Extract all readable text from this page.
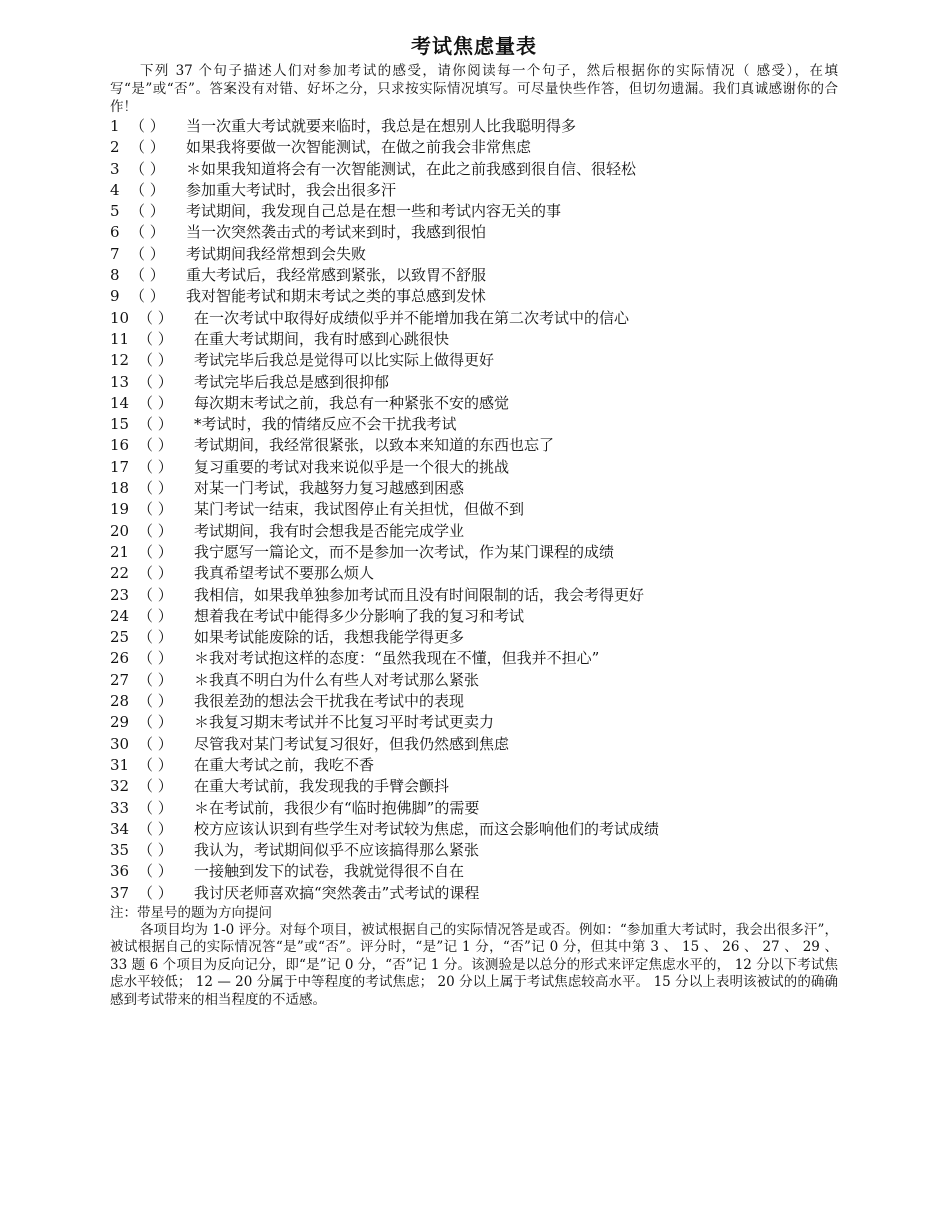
考试焦虑量表

下列 37 个句子描述人们对参加考试的感受，请你阅读每一个句子，然后根据你的实际情况（ 感受），在填写“是”或“否”。答案没有对错、好坏之分，只求按实际情况填写。可尽量快些作答，但切勿遗漏。我们真诚感谢你的合作！

1 （ ）	当一次重大考试就要来临时，我总是在想别人比我聪明得多
2 （ ）	如果我将要做一次智能测试，在做之前我会非常焦虑
3 （ ）	＊如果我知道将会有一次智能测试，在此之前我感到很自信、很轻松
4 （ ）	参加重大考试时，我会出很多汗
5 （ ）	考试期间，我发现自己总是在想一些和考试内容无关的事
6 （ ）	当一次突然袭击式的考试来到时，我感到很怕
7 （ ）	考试期间我经常想到会失败
8 （ ）	重大考试后，我经常感到紧张，以致胃不舒服
9 （ ）	我对智能考试和期末考试之类的事总感到发怵
10 （ ）	在一次考试中取得好成绩似乎并不能增加我在第二次考试中的信心
11 （ ）	在重大考试期间，我有时感到心跳很快
12 （ ）	考试完毕后我总是觉得可以比实际上做得更好
13 （ ）	考试完毕后我总是感到很抑郁
14 （ ）	每次期末考试之前，我总有一种紧张不安的感觉
15 （ ）	*考试时，我的情绪反应不会干扰我考试
16 （ ）	考试期间，我经常很紧张，以致本来知道的东西也忘了
17 （ ）	复习重要的考试对我来说似乎是一个很大的挑战
18 （ ）	对某一门考试，我越努力复习越感到困惑
19 （ ）	某门考试一结束，我试图停止有关担忧，但做不到
20 （ ）	考试期间，我有时会想我是否能完成学业
21 （ ）	我宁愿写一篇论文，而不是参加一次考试，作为某门课程的成绩
22 （ ）	我真希望考试不要那么烦人
23 （ ）	我相信，如果我单独参加考试而且没有时间限制的话，我会考得更好
24 （ ）	想着我在考试中能得多少分影响了我的复习和考试
25 （ ）	如果考试能废除的话，我想我能学得更多
26 （ ）	＊我对考试抱这样的态度：“虽然我现在不懂，但我并不担心”
27 （ ）	＊我真不明白为什么有些人对考试那么紧张
28 （ ）	我很差劲的想法会干扰我在考试中的表现
29 （ ）	＊我复习期末考试并不比复习平时考试更卖力
30 （ ）	尽管我对某门考试复习很好，但我仍然感到焦虑
31 （ ）	在重大考试之前，我吃不香
32 （ ）	在重大考试前，我发现我的手臂会颤抖
33 （ ）	＊在考试前，我很少有“临时抱佛脚”的需要
34 （ ）	校方应该认识到有些学生对考试较为焦虑，而这会影响他们的考试成绩
35 （ ）	我认为，考试期间似乎不应该搞得那么紧张
36 （ ）	一接触到发下的试卷，我就觉得很不自在
37 （ ）	我讨厌老师喜欢搞“突然袭击”式考试的课程

注：带星号的题为方向提问

各项目均为 1-0 评分。对每个项目，被试根据自己的实际情况答是或否。例如：“参加重大考试时，我会出很多汗”，被试根据自己的实际情况答“是”或“否”。评分时，“是”记 1 分，“否”记 0 分，但其中第 3 、 15 、 26 、 27 、 29 、 33 题 6 个项目为反向记分，即“是”记 0 分，“否”记 1 分。该测验是以总分的形式来评定焦虑水平的， 12 分以下考试焦虑水平较低； 12 — 20 分属于中等程度的考试焦虑； 20 分以上属于考试焦虑较高水平。 15 分以上表明该被试的的确确感到考试带来的相当程度的不适感。
